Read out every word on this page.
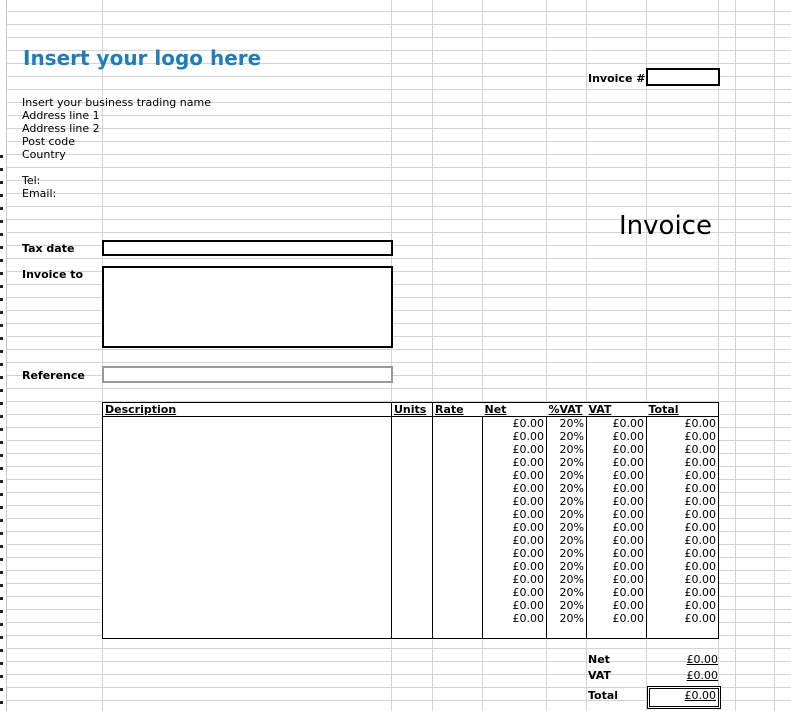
Insert your logo here
Invoice #
Insert your business trading name
Address line 1
Address line 2
Post code
Country
Tel:
Email:
Invoice
Tax date
Invoice to
Reference
Description	Units	Rate	Net	%VAT	VAT	Total
			£0.00	20%	£0.00	£0.00
			£0.00	20%	£0.00	£0.00
			£0.00	20%	£0.00	£0.00
			£0.00	20%	£0.00	£0.00
			£0.00	20%	£0.00	£0.00
			£0.00	20%	£0.00	£0.00
			£0.00	20%	£0.00	£0.00
			£0.00	20%	£0.00	£0.00
			£0.00	20%	£0.00	£0.00
			£0.00	20%	£0.00	£0.00
			£0.00	20%	£0.00	£0.00
			£0.00	20%	£0.00	£0.00
			£0.00	20%	£0.00	£0.00
			£0.00	20%	£0.00	£0.00
			£0.00	20%	£0.00	£0.00
			£0.00	20%	£0.00	£0.00

Net	£0.00
VAT	£0.00
Total	£0.00
